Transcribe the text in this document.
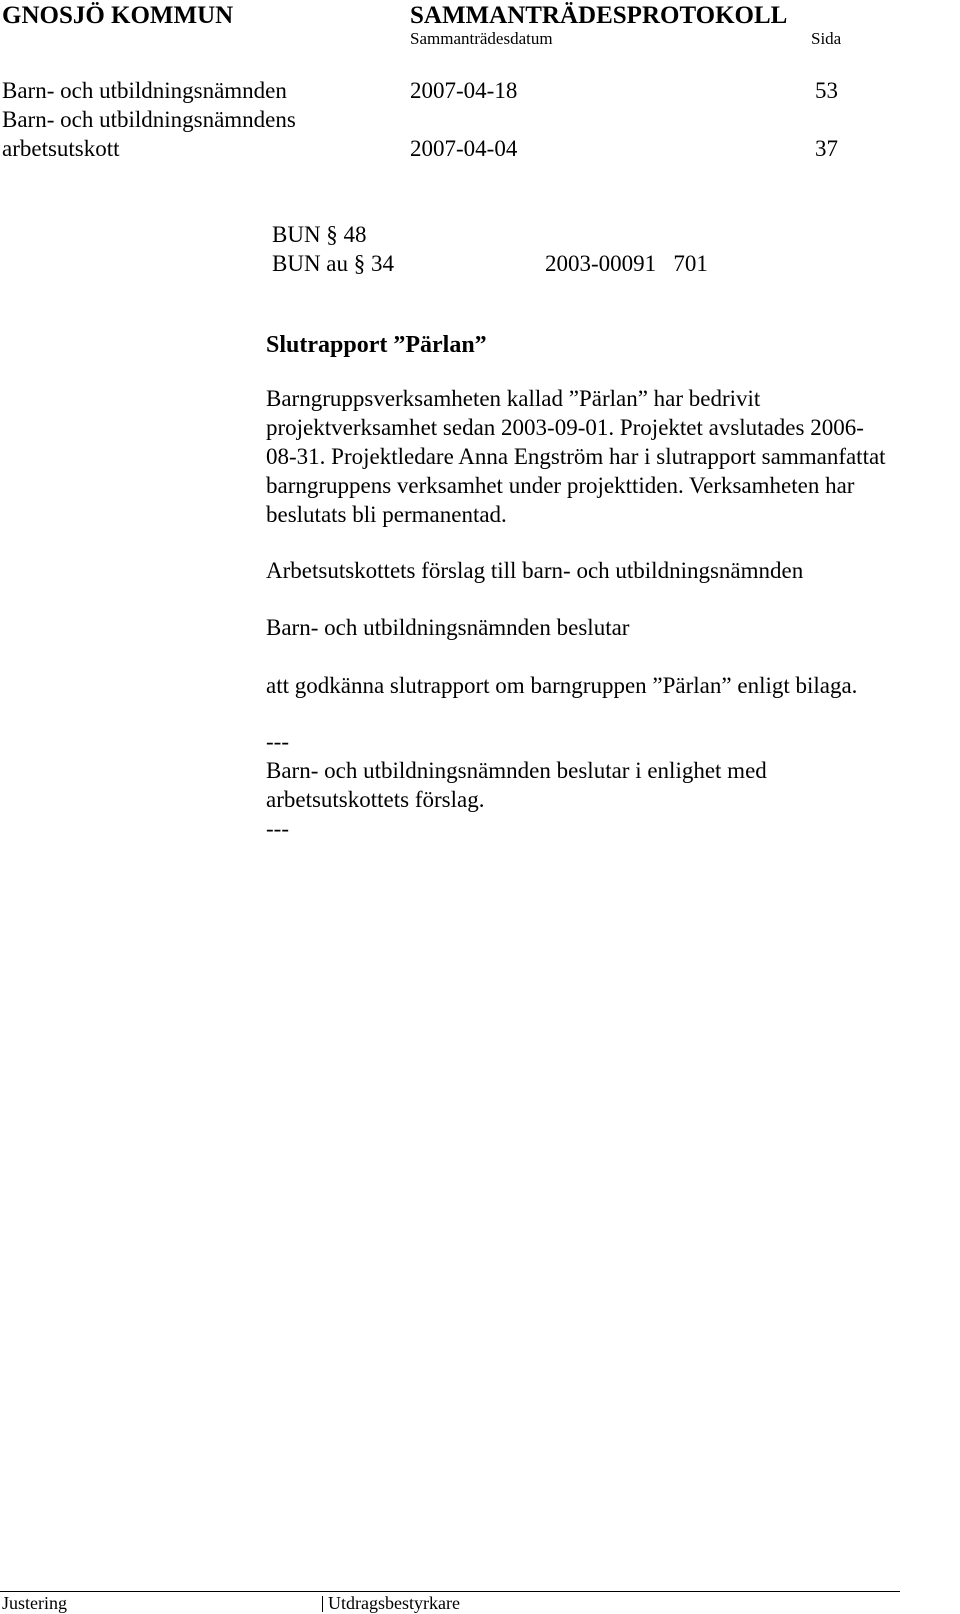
GNOSJÖ KOMMUN	SAMMANTRÄDESPROTOKOLL
Sammanträdesdatum	Sida
Barn- och utbildningsnämnden	2007-04-18	53
Barn- och utbildningsnämndens
arbetsutskott	2007-04-04	37
BUN § 48
BUN au § 34	2003-00091   701
Slutrapport ”Pärlan”
Barngruppsverksamheten kallad ”Pärlan” har bedrivit
projektverksamhet sedan 2003-09-01. Projektet avslutades 2006-
08-31. Projektledare Anna Engström har i slutrapport sammanfattat
barngruppens verksamhet under projekttiden. Verksamheten har
beslutats bli permanentad.
Arbetsutskottets förslag till barn- och utbildningsnämnden
Barn- och utbildningsnämnden beslutar
att godkänna slutrapport om barngruppen ”Pärlan” enligt bilaga.
---
Barn- och utbildningsnämnden beslutar i enlighet med
arbetsutskottets förslag.
---
Justering	Utdragsbestyrkare
